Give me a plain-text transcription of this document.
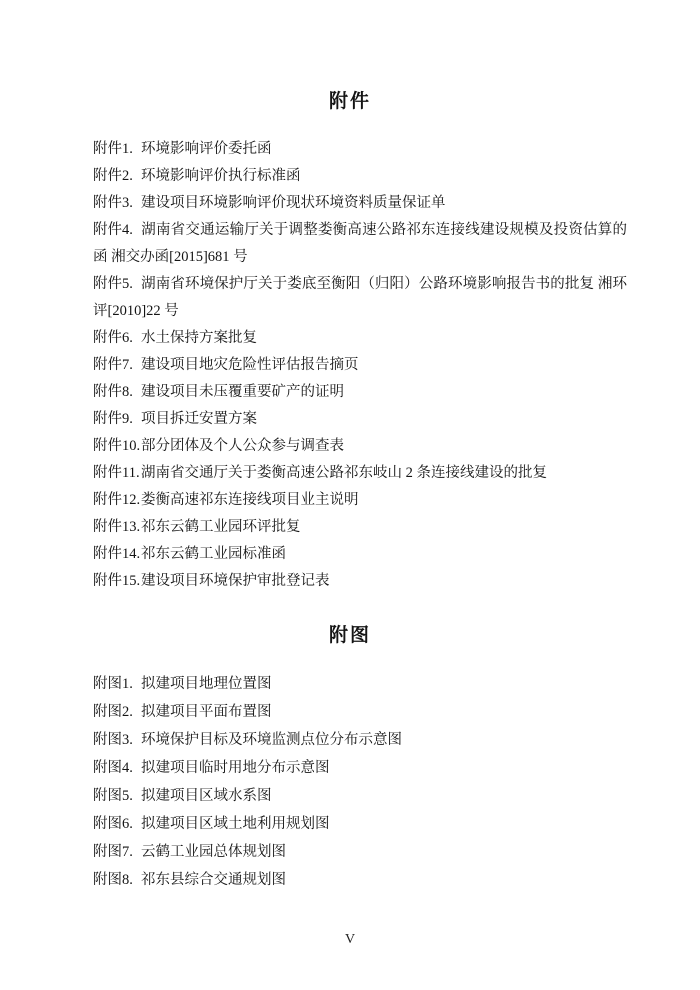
附件

附件1. 环境影响评价委托函

附件2. 环境影响评价执行标准函

附件3. 建设项目环境影响评价现状环境资料质量保证单

附件4. 湖南省交通运输厅关于调整娄衡高速公路祁东连接线建设规模及投资估算的函 湘交办函[2015]681 号

附件5. 湖南省环境保护厅关于娄底至衡阳（归阳）公路环境影响报告书的批复 湘环评[2010]22 号

附件6. 水土保持方案批复

附件7. 建设项目地灾危险性评估报告摘页

附件8. 建设项目未压覆重要矿产的证明

附件9. 项目拆迁安置方案

附件10.部分团体及个人公众参与调查表

附件11.湖南省交通厅关于娄衡高速公路祁东岐山 2 条连接线建设的批复

附件12.娄衡高速祁东连接线项目业主说明

附件13.祁东云鹤工业园环评批复

附件14.祁东云鹤工业园标准函

附件15.建设项目环境保护审批登记表

附图

附图1. 拟建项目地理位置图

附图2. 拟建项目平面布置图

附图3. 环境保护目标及环境监测点位分布示意图

附图4. 拟建项目临时用地分布示意图

附图5. 拟建项目区域水系图

附图6. 拟建项目区域土地利用规划图

附图7. 云鹤工业园总体规划图

附图8. 祁东县综合交通规划图

V
